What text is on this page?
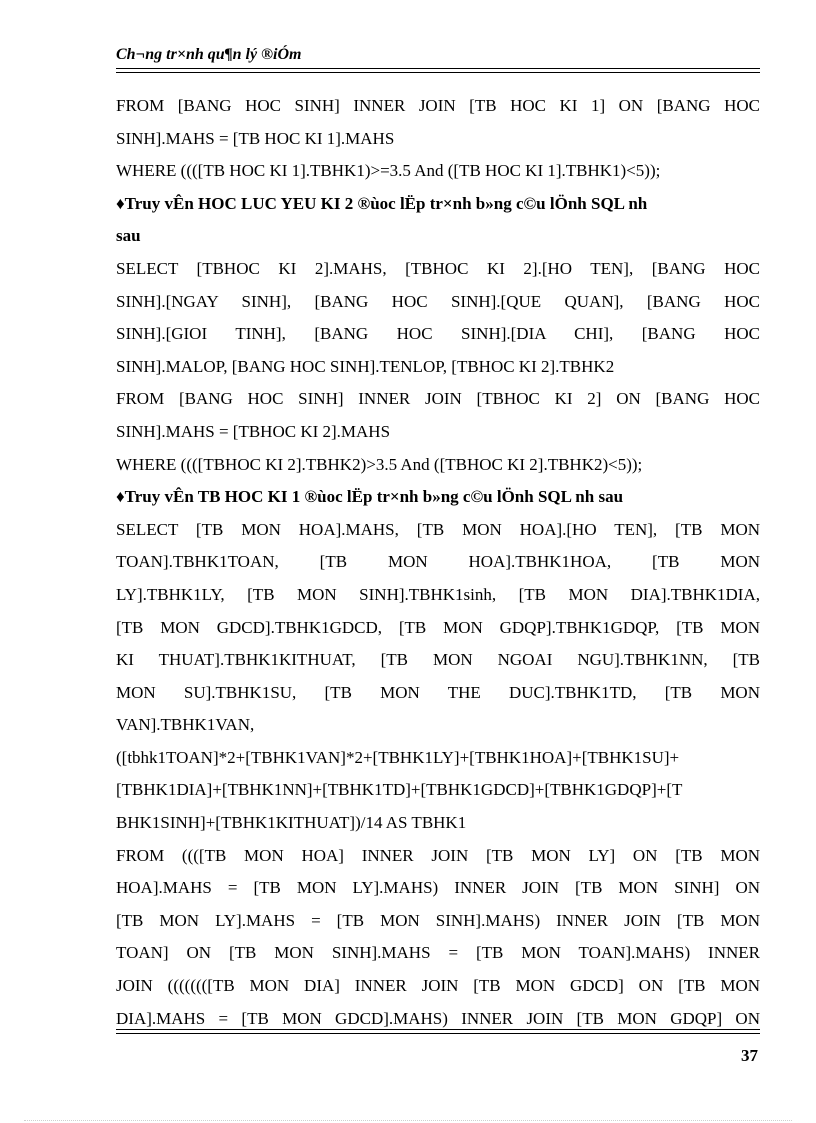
Ch¬ng tr×nh qu¶n lý ®iÓm
FROM [BANG HOC SINH] INNER JOIN [TB HOC KI 1] ON [BANG HOC
SINH].MAHS = [TB HOC KI 1].MAHS
WHERE ((([TB HOC KI 1].TBHK1)>=3.5 And ([TB HOC KI 1].TBHK1)<5));
♦Truy vÊn HOC LUC YEU KI 2 ®ùoc lËp tr×nh b»ng c©u lÖnh SQL nh
sau
SELECT [TBHOC KI 2].MAHS, [TBHOC KI 2].[HO TEN], [BANG HOC
SINH].[NGAY SINH], [BANG HOC SINH].[QUE QUAN], [BANG HOC
SINH].[GIOI TINH], [BANG HOC SINH].[DIA CHI], [BANG HOC
SINH].MALOP, [BANG HOC SINH].TENLOP, [TBHOC KI 2].TBHK2
FROM [BANG HOC SINH] INNER JOIN [TBHOC KI 2] ON [BANG HOC
SINH].MAHS = [TBHOC KI 2].MAHS
WHERE ((([TBHOC KI 2].TBHK2)>3.5 And ([TBHOC KI 2].TBHK2)<5));
♦Truy vÊn TB HOC KI 1 ®ùoc lËp tr×nh b»ng c©u lÖnh SQL nh sau
SELECT [TB MON HOA].MAHS, [TB MON HOA].[HO TEN], [TB MON
TOAN].TBHK1TOAN, [TB MON HOA].TBHK1HOA, [TB MON
LY].TBHK1LY, [TB MON SINH].TBHK1sinh, [TB MON DIA].TBHK1DIA,
[TB MON GDCD].TBHK1GDCD, [TB MON GDQP].TBHK1GDQP, [TB MON
KI THUAT].TBHK1KITHUAT, [TB MON NGOAI NGU].TBHK1NN, [TB
MON SU].TBHK1SU, [TB MON THE DUC].TBHK1TD, [TB MON
VAN].TBHK1VAN,
([tbhk1TOAN]*2+[TBHK1VAN]*2+[TBHK1LY]+[TBHK1HOA]+[TBHK1SU]+
[TBHK1DIA]+[TBHK1NN]+[TBHK1TD]+[TBHK1GDCD]+[TBHK1GDQP]+[T
BHK1SINH]+[TBHK1KITHUAT])/14 AS TBHK1
FROM ((([TB MON HOA] INNER JOIN [TB MON LY] ON [TB MON
HOA].MAHS = [TB MON LY].MAHS) INNER JOIN [TB MON SINH] ON
[TB MON LY].MAHS = [TB MON SINH].MAHS) INNER JOIN [TB MON
TOAN] ON [TB MON SINH].MAHS = [TB MON TOAN].MAHS) INNER
JOIN ((((((([TB MON DIA] INNER JOIN [TB MON GDCD] ON [TB MON
DIA].MAHS = [TB MON GDCD].MAHS) INNER JOIN [TB MON GDQP] ON
37
